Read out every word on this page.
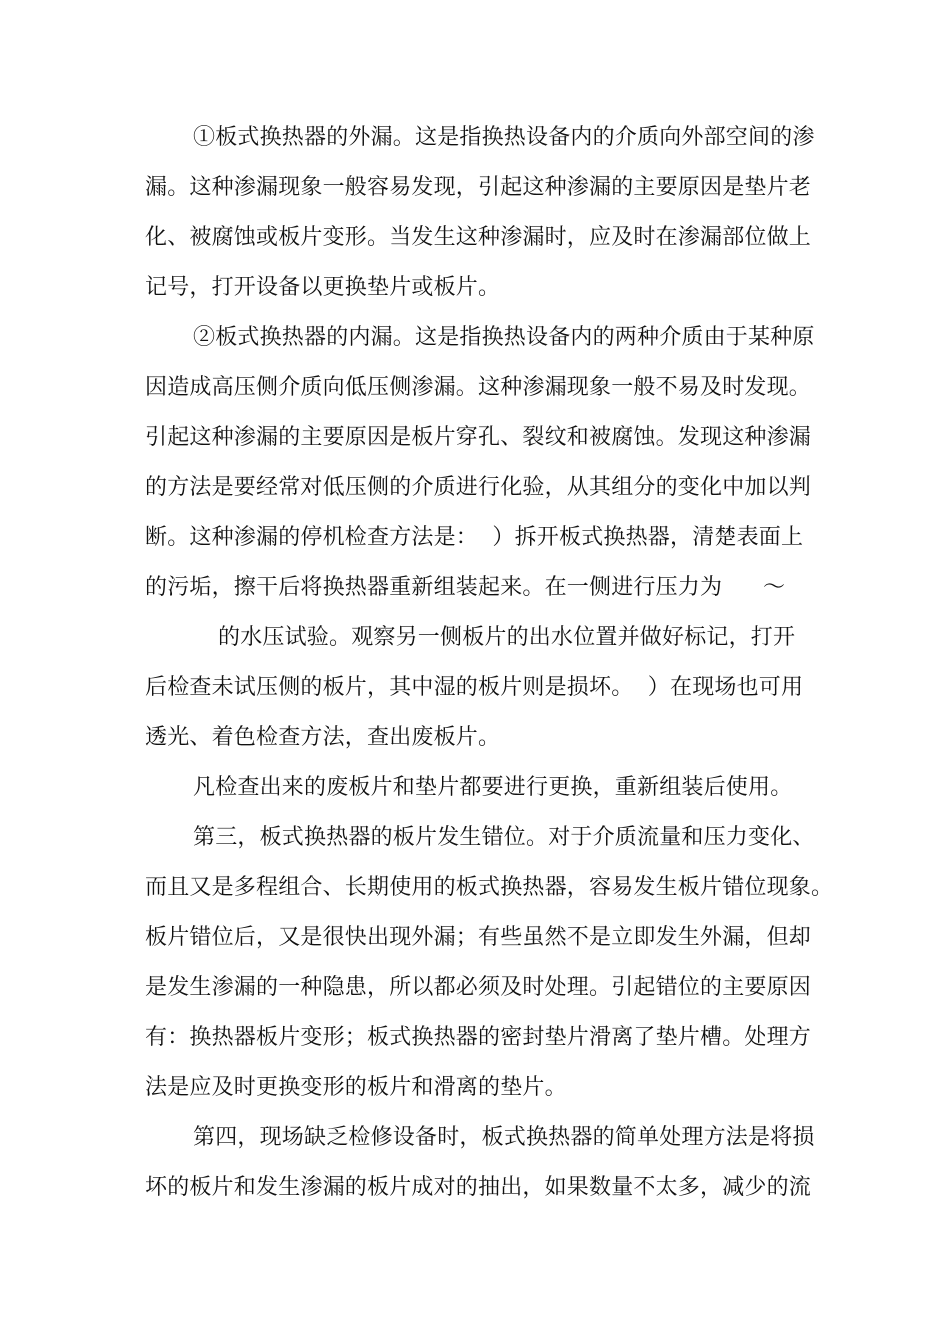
①板式换热器的外漏。这是指换热设备内的介质向外部空间的渗
漏。这种渗漏现象一般容易发现，引起这种渗漏的主要原因是垫片老
化、被腐蚀或板片变形。当发生这种渗漏时，应及时在渗漏部位做上
记号，打开设备以更换垫片或板片。
②板式换热器的内漏。这是指换热设备内的两种介质由于某种原
因造成高压侧介质向低压侧渗漏。这种渗漏现象一般不易及时发现。
引起这种渗漏的主要原因是板片穿孔、裂纹和被腐蚀。发现这种渗漏
的方法是要经常对低压侧的介质进行化验，从其组分的变化中加以判
断。这种渗漏的停机检查方法是：  ）拆开板式换热器，清楚表面上
的污垢，擦干后将换热器重新组装起来。在一侧进行压力为	～
的水压试验。观察另一侧板片的出水位置并做好标记，打开
后检查未试压侧的板片，其中湿的板片则是损坏。  ）在现场也可用
透光、着色检查方法，查出废板片。
凡检查出来的废板片和垫片都要进行更换，重新组装后使用。
第三，板式换热器的板片发生错位。对于介质流量和压力变化、
而且又是多程组合、长期使用的板式换热器，容易发生板片错位现象。
板片错位后，又是很快出现外漏；有些虽然不是立即发生外漏，但却
是发生渗漏的一种隐患，所以都必须及时处理。引起错位的主要原因
有：换热器板片变形；板式换热器的密封垫片滑离了垫片槽。处理方
法是应及时更换变形的板片和滑离的垫片。
第四，现场缺乏检修设备时，板式换热器的简单处理方法是将损
坏的板片和发生渗漏的板片成对的抽出，如果数量不太多，减少的流
